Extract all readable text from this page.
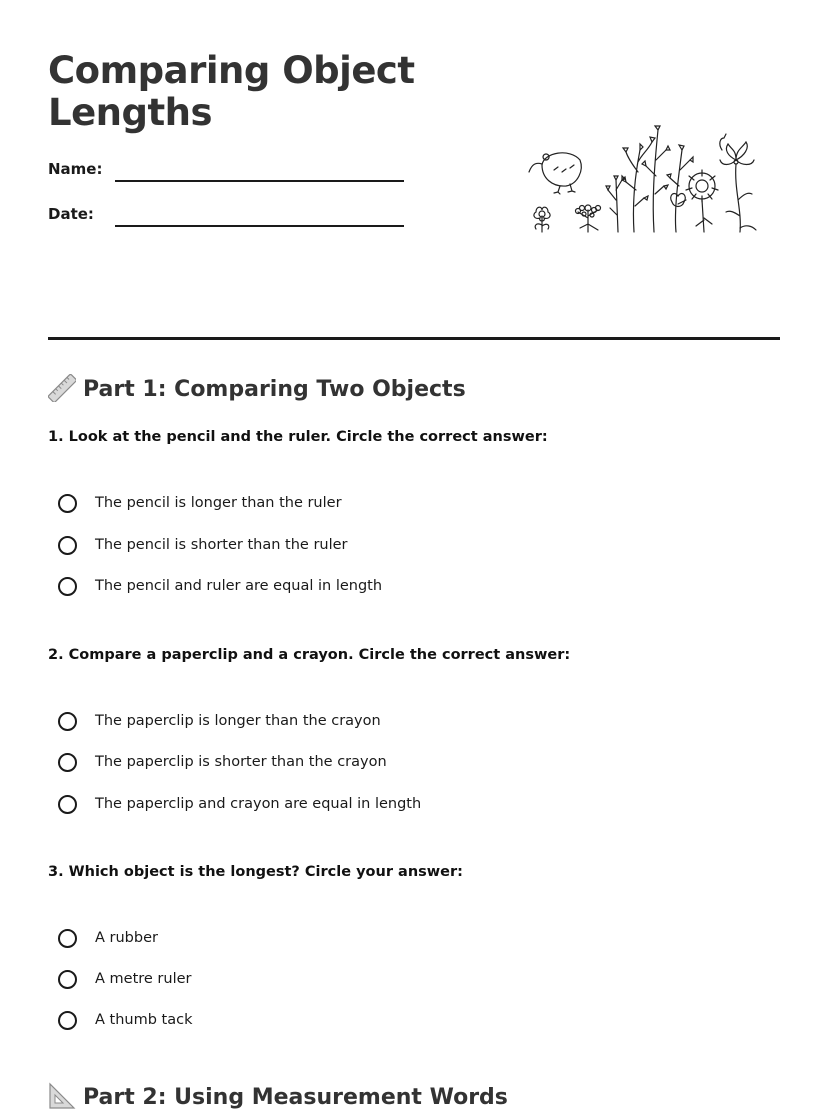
Comparing Object Lengths
Name:
Date:
Part 1: Comparing Two Objects
1. Look at the pencil and the ruler. Circle the correct answer:
The pencil is longer than the ruler
The pencil is shorter than the ruler
The pencil and ruler are equal in length
2. Compare a paperclip and a crayon. Circle the correct answer:
The paperclip is longer than the crayon
The paperclip is shorter than the crayon
The paperclip and crayon are equal in length
3. Which object is the longest? Circle your answer:
A rubber
A metre ruler
A thumb tack
Part 2: Using Measurement Words
